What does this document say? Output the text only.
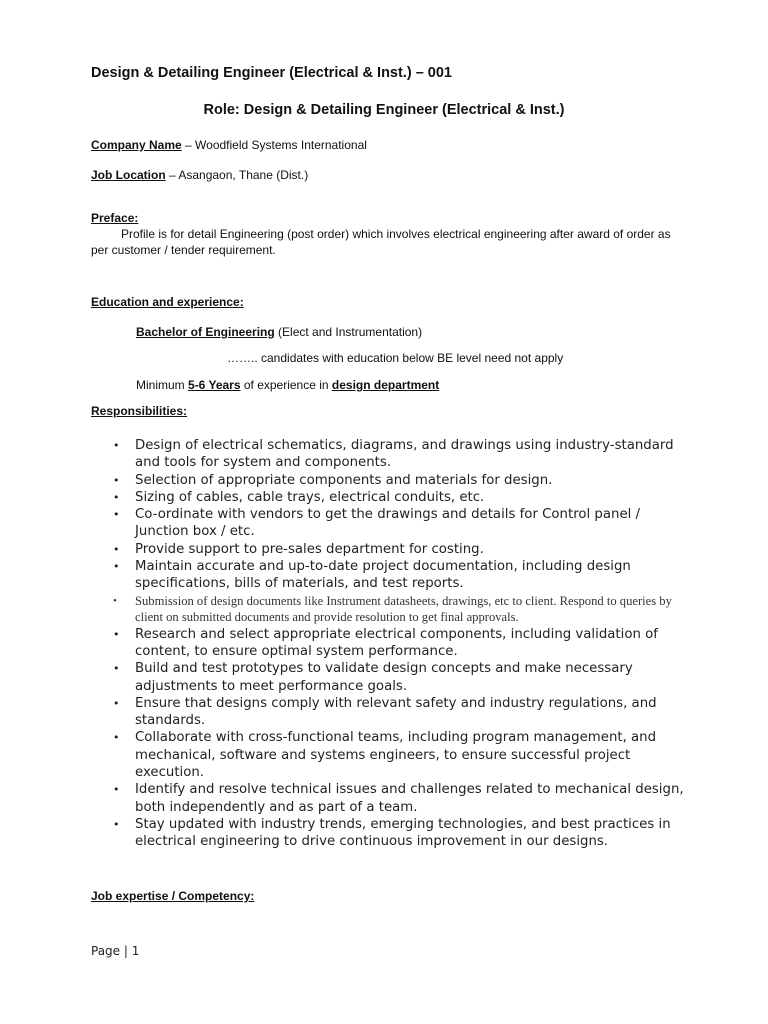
Design & Detailing Engineer (Electrical & Inst.) – 001
Role: Design & Detailing Engineer (Electrical & Inst.)
Company Name – Woodfield Systems International
Job Location – Asangaon, Thane (Dist.)
Preface:
Profile is for detail Engineering (post order) which involves electrical engineering after award of order as per customer / tender requirement.
Education and experience:
Bachelor of Engineering (Elect and Instrumentation)
…….. candidates with education below BE level need not apply
Minimum 5-6 Years of experience in design department
Responsibilities:
•	Design of electrical schematics, diagrams, and drawings using industry-standard and tools for system and components.
•	Selection of appropriate components and materials for design.
•	Sizing of cables, cable trays, electrical conduits, etc.
•	Co-ordinate with vendors to get the drawings and details for Control panel / Junction box / etc.
•	Provide support to pre-sales department for costing.
•	Maintain accurate and up-to-date project documentation, including design specifications, bills of materials, and test reports.
•	Submission of design documents like Instrument datasheets, drawings, etc to client. Respond to queries by client on submitted documents and provide resolution to get final approvals.
•	Research and select appropriate electrical components, including validation of content, to ensure optimal system performance.
•	Build and test prototypes to validate design concepts and make necessary adjustments to meet performance goals.
•	Ensure that designs comply with relevant safety and industry regulations, and standards.
•	Collaborate with cross-functional teams, including program management, and mechanical, software and systems engineers, to ensure successful project execution.
•	Identify and resolve technical issues and challenges related to mechanical design, both independently and as part of a team.
•	Stay updated with industry trends, emerging technologies, and best practices in electrical engineering to drive continuous improvement in our designs.
Job expertise / Competency:
Page | 1
